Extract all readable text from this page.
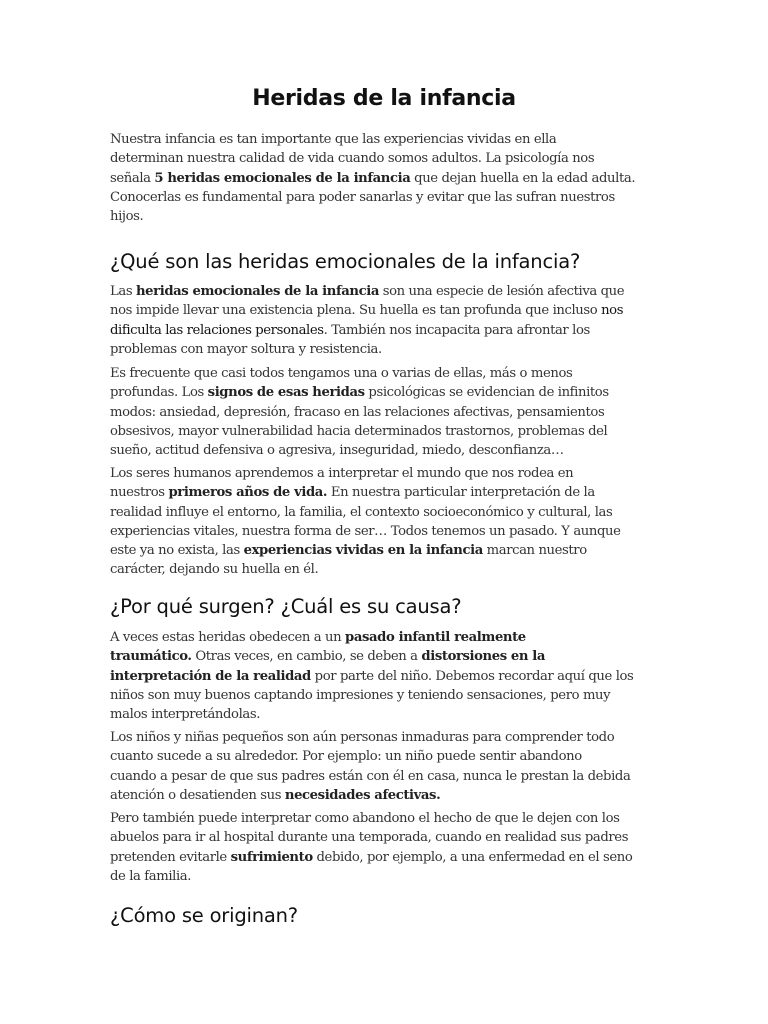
Heridas de la infancia

Nuestra infancia es tan importante que las experiencias vividas en ella
determinan nuestra calidad de vida cuando somos adultos. La psicología nos
señala 5 heridas emocionales de la infancia que dejan huella en la edad adulta.
Conocerlas es fundamental para poder sanarlas y evitar que las sufran nuestros
hijos.

¿Qué son las heridas emocionales de la infancia?

Las heridas emocionales de la infancia son una especie de lesión afectiva que
nos impide llevar una existencia plena. Su huella es tan profunda que incluso nos
dificulta las relaciones personales. También nos incapacita para afrontar los
problemas con mayor soltura y resistencia.

Es frecuente que casi todos tengamos una o varias de ellas, más o menos
profundas. Los signos de esas heridas psicológicas se evidencian de infinitos
modos: ansiedad, depresión, fracaso en las relaciones afectivas, pensamientos
obsesivos, mayor vulnerabilidad hacia determinados trastornos, problemas del
sueño, actitud defensiva o agresiva, inseguridad, miedo, desconfianza…

Los seres humanos aprendemos a interpretar el mundo que nos rodea en
nuestros primeros años de vida. En nuestra particular interpretación de la
realidad influye el entorno, la familia, el contexto socioeconómico y cultural, las
experiencias vitales, nuestra forma de ser… Todos tenemos un pasado. Y aunque
este ya no exista, las experiencias vividas en la infancia marcan nuestro
carácter, dejando su huella en él.

¿Por qué surgen? ¿Cuál es su causa?

A veces estas heridas obedecen a un pasado infantil realmente
traumático. Otras veces, en cambio, se deben a distorsiones en la
interpretación de la realidad por parte del niño. Debemos recordar aquí que los
niños son muy buenos captando impresiones y teniendo sensaciones, pero muy
malos interpretándolas.

Los niños y niñas pequeños son aún personas inmaduras para comprender todo
cuanto sucede a su alrededor. Por ejemplo: un niño puede sentir abandono
cuando a pesar de que sus padres están con él en casa, nunca le prestan la debida
atención o desatienden sus necesidades afectivas.

Pero también puede interpretar como abandono el hecho de que le dejen con los
abuelos para ir al hospital durante una temporada, cuando en realidad sus padres
pretenden evitarle sufrimiento debido, por ejemplo, a una enfermedad en el seno
de la familia.

¿Cómo se originan?
